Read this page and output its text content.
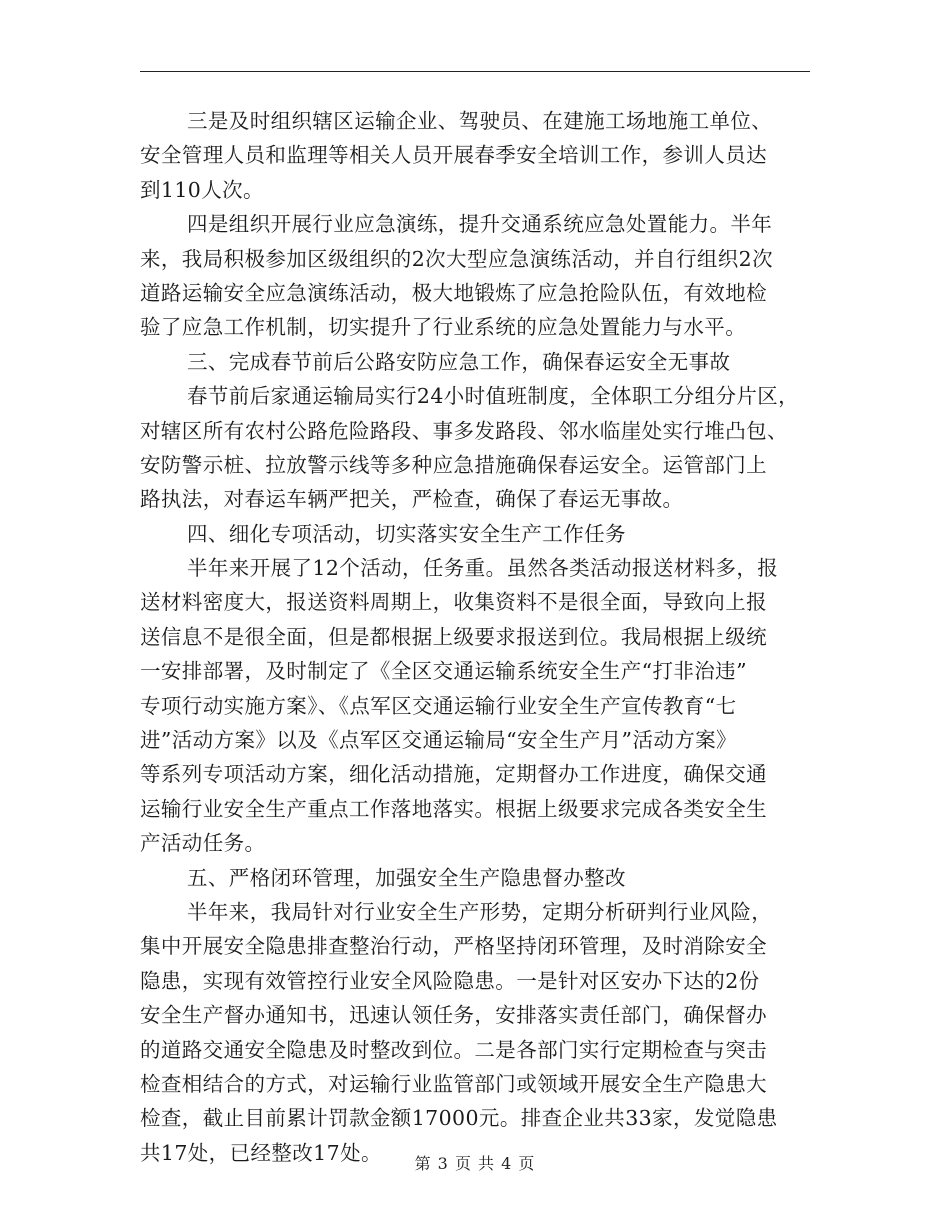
三是及时组织辖区运输企业、驾驶员、在建施工场地施工单位、
安全管理人员和监理等相关人员开展春季安全培训工作，参训人员达
到110人次。
四是组织开展行业应急演练，提升交通系统应急处置能力。半年
来，我局积极参加区级组织的2次大型应急演练活动，并自行组织2次
道路运输安全应急演练活动，极大地锻炼了应急抢险队伍，有效地检
验了应急工作机制，切实提升了行业系统的应急处置能力与水平。
三、完成春节前后公路安防应急工作，确保春运安全无事故
春节前后家通运输局实行24小时值班制度，全体职工分组分片区，
对辖区所有农村公路危险路段、事多发路段、邻水临崖处实行堆凸包、
安防警示桩、拉放警示线等多种应急措施确保春运安全。运管部门上
路执法，对春运车辆严把关，严检查，确保了春运无事故。
四、细化专项活动，切实落实安全生产工作任务
半年来开展了12个活动，任务重。虽然各类活动报送材料多，报
送材料密度大，报送资料周期上，收集资料不是很全面，导致向上报
送信息不是很全面，但是都根据上级要求报送到位。我局根据上级统
一安排部署，及时制定了《全区交通运输系统安全生产“打非治违”
专项行动实施方案》、《点军区交通运输行业安全生产宣传教育“七
进”活动方案》以及《点军区交通运输局“安全生产月”活动方案》
等系列专项活动方案，细化活动措施，定期督办工作进度，确保交通
运输行业安全生产重点工作落地落实。根据上级要求完成各类安全生
产活动任务。
五、严格闭环管理，加强安全生产隐患督办整改
半年来，我局针对行业安全生产形势，定期分析研判行业风险，
集中开展安全隐患排查整治行动，严格坚持闭环管理，及时消除安全
隐患，实现有效管控行业安全风险隐患。一是针对区安办下达的2份
安全生产督办通知书，迅速认领任务，安排落实责任部门，确保督办
的道路交通安全隐患及时整改到位。二是各部门实行定期检查与突击
检查相结合的方式，对运输行业监管部门或领域开展安全生产隐患大
检查，截止目前累计罚款金额17000元。排查企业共33家，发觉隐患
共17处，已经整改17处。	第 3 页 共 4 页
